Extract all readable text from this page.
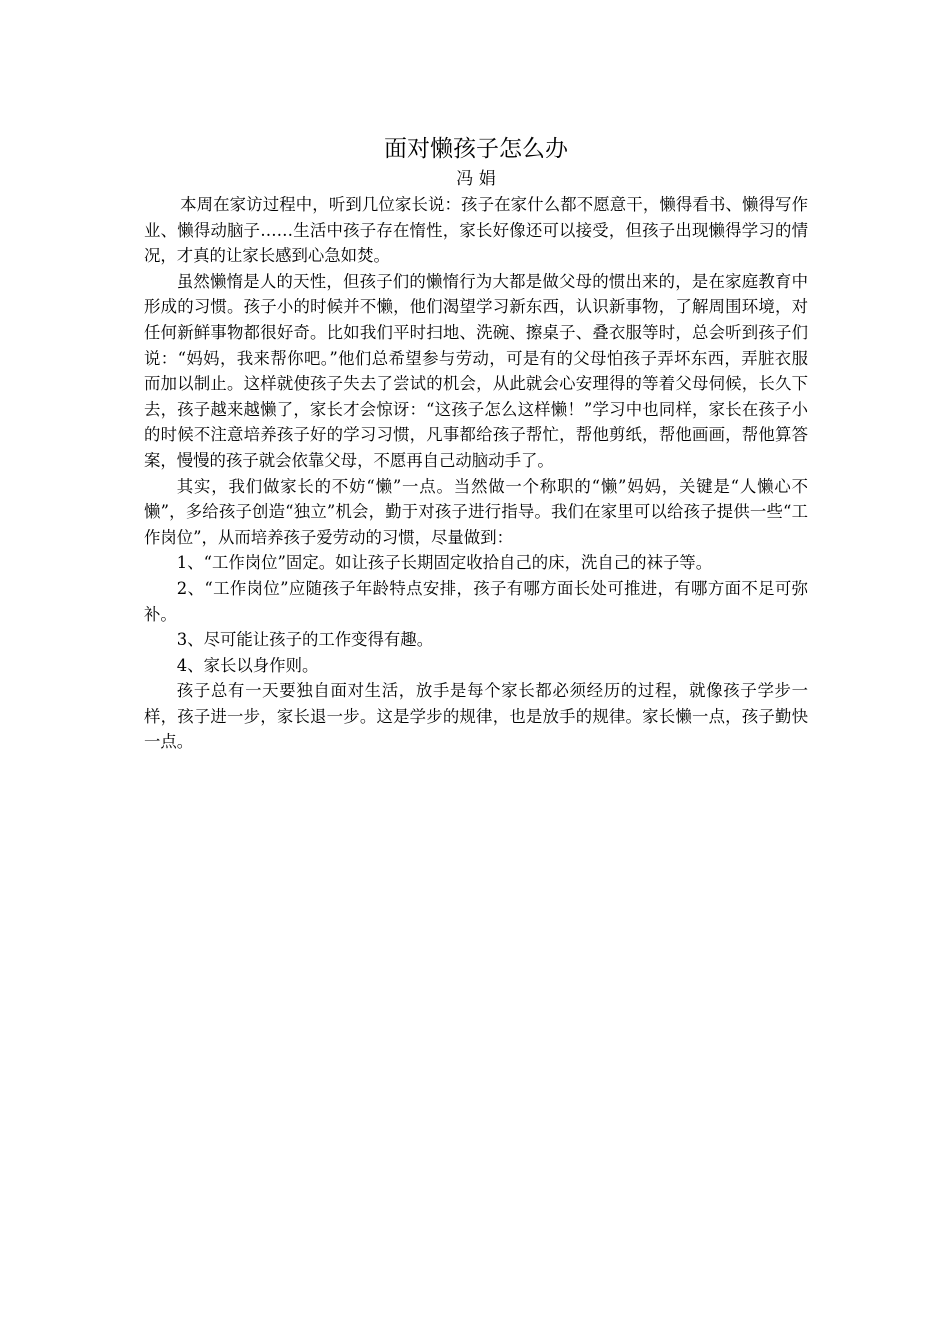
面对懒孩子怎么办

冯 娟

本周在家访过程中，听到几位家长说：孩子在家什么都不愿意干，懒得看书、懒得写作业、懒得动脑子……生活中孩子存在惰性，家长好像还可以接受，但孩子出现懒得学习的情况，才真的让家长感到心急如焚。

虽然懒惰是人的天性，但孩子们的懒惰行为大都是做父母的惯出来的，是在家庭教育中形成的习惯。孩子小的时候并不懒，他们渴望学习新东西，认识新事物，了解周围环境，对任何新鲜事物都很好奇。比如我们平时扫地、洗碗、擦桌子、叠衣服等时，总会听到孩子们说：“妈妈，我来帮你吧。”他们总希望参与劳动，可是有的父母怕孩子弄坏东西，弄脏衣服而加以制止。这样就使孩子失去了尝试的机会，从此就会心安理得的等着父母伺候，长久下去，孩子越来越懒了，家长才会惊讶：“这孩子怎么这样懒！”学习中也同样，家长在孩子小的时候不注意培养孩子好的学习习惯，凡事都给孩子帮忙，帮他剪纸，帮他画画，帮他算答案，慢慢的孩子就会依靠父母，不愿再自己动脑动手了。

其实，我们做家长的不妨“懒”一点。当然做一个称职的“懒”妈妈，关键是“人懒心不懒”，多给孩子创造“独立”机会，勤于对孩子进行指导。我们在家里可以给孩子提供一些“工作岗位”，从而培养孩子爱劳动的习惯，尽量做到：

1、“工作岗位”固定。如让孩子长期固定收拾自己的床，洗自己的袜子等。

2、“工作岗位”应随孩子年龄特点安排，孩子有哪方面长处可推进，有哪方面不足可弥补。

3、尽可能让孩子的工作变得有趣。

4、家长以身作则。

孩子总有一天要独自面对生活，放手是每个家长都必须经历的过程，就像孩子学步一样，孩子进一步，家长退一步。这是学步的规律，也是放手的规律。家长懒一点，孩子勤快一点。
